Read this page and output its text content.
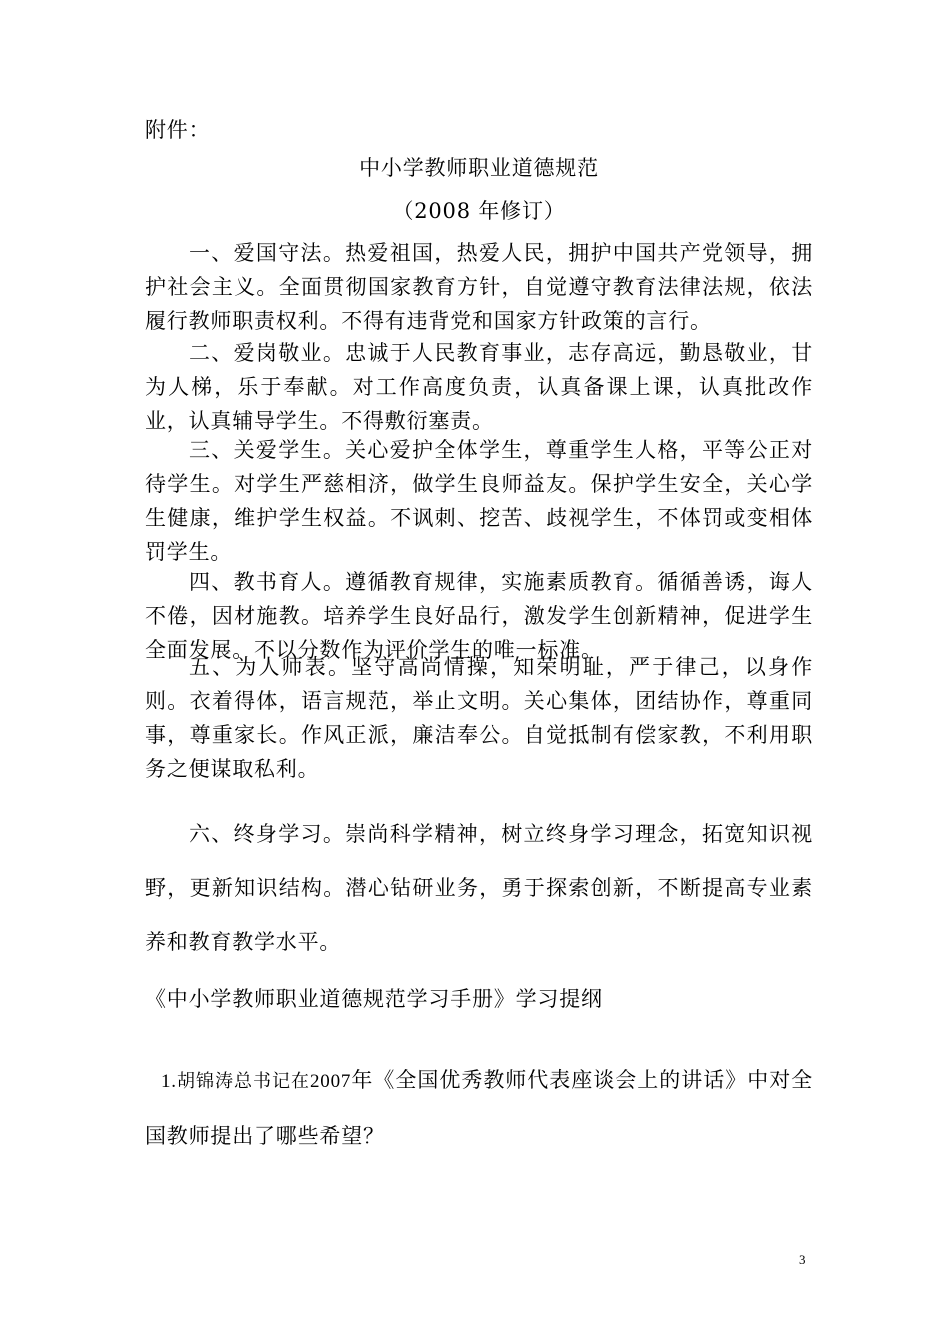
附件：

中小学教师职业道德规范

（2008 年修订）

一、爱国守法。热爱祖国，热爱人民，拥护中国共产党领导，拥护社会主义。全面贯彻国家教育方针，自觉遵守教育法律法规，依法履行教师职责权利。不得有违背党和国家方针政策的言行。

二、爱岗敬业。忠诚于人民教育事业，志存高远，勤恳敬业，甘为人梯，乐于奉献。对工作高度负责，认真备课上课，认真批改作业，认真辅导学生。不得敷衍塞责。

三、关爱学生。关心爱护全体学生，尊重学生人格，平等公正对待学生。对学生严慈相济，做学生良师益友。保护学生安全，关心学生健康，维护学生权益。不讽刺、挖苦、歧视学生，不体罚或变相体罚学生。

四、教书育人。遵循教育规律，实施素质教育。循循善诱，诲人不倦，因材施教。培养学生良好品行，激发学生创新精神，促进学生全面发展。不以分数作为评价学生的唯一标准。

五、为人师表。坚守高尚情操，知荣明耻，严于律己，以身作则。衣着得体，语言规范，举止文明。关心集体，团结协作，尊重同事，尊重家长。作风正派，廉洁奉公。自觉抵制有偿家教，不利用职务之便谋取私利。

六、终身学习。崇尚科学精神，树立终身学习理念，拓宽知识视野，更新知识结构。潜心钻研业务，勇于探索创新，不断提高专业素养和教育教学水平。

《中小学教师职业道德规范学习手册》学习提纲

1.胡锦涛总书记在2007年《全国优秀教师代表座谈会上的讲话》中对全国教师提出了哪些希望？

3
